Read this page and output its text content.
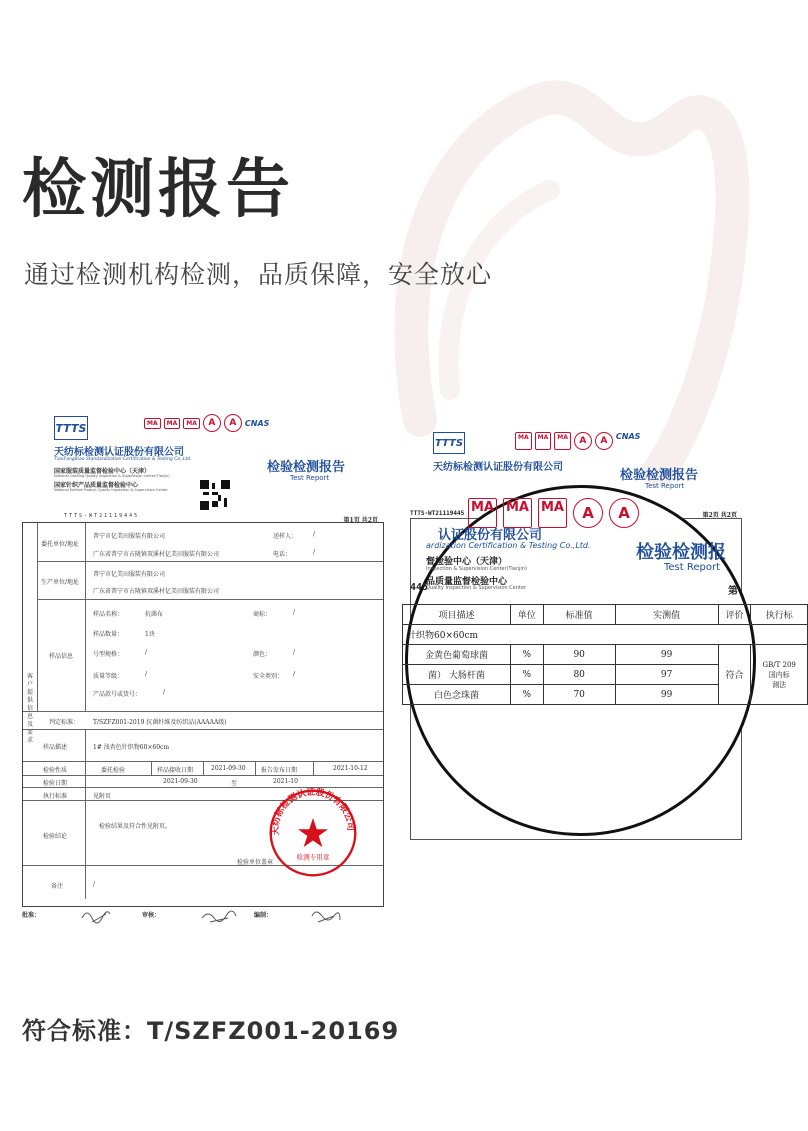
检测报告

通过检测机构检测，品质保障，安全放心

TTTS
天纺标检测认证股份有限公司
TianFangBiao Standardization Certification & Testing Co.,Ltd.
国家服装质量监督检验中心（天津）
National Clothing Quality Inspection & Supervision Center(Tianjin)
国家针织产品质量监督检验中心
National Knitted Product Quality Inspection & Supervision Center
MA	MA	MA	A	A	CNAS
检验检测报告
Test Report
TTTS-WT21119445
第1页 共2页
客户提供信息及要求
委托单位/地址
普宁市亿美田服装有限公司	送样人：	/
广东省普宁市占陇镇双溪村亿美田服装有限公司	电话：	/
生产单位/地址
普宁市亿美田服装有限公司
广东省普宁市占陇镇双溪村亿美田服装有限公司
样品信息
样品名称：	抗菌布	商标：	/
样品数量：	1块
号型规格：	/	颜色：	/
质量等级：	/	安全类别： /
产品款号或货号：	/
判定标准： T/SZFZ001-2019 抗菌纤维及纺织品(AAAAA级)
样品描述	1# 浅杏色针织物60×60cm
检验性质	委托检验	样品接收日期	2021-09-30	报告发布日期	2021-10-12
检验日期	2021-09-30	至	2021-10
执行标准	见附页
检验结论
检验结果及符合性见附页。
检验单位盖章
备注	/
批准：	审核：	编制：
天纺标检测认证股份有限公司
检测专用章
TTTS
天纺标检测认证股份有限公司
MA	MA	MA	A	A	CNAS
检验检测报告
Test Report
TTTS-WT21119445	第2页 共2页
MA MA MA	A	A
认证股份有限公司
ardization Certification & Testing Co.,Ltd.
督检验中心（天津）
Inspection & Supervision Center(Tianjin)
品质量监督检验中心
Quality Inspection & Supervision Center
检验检测报
Test Report
445	第
项目描述	单位	标准值	实测值	评价	执行标
针织物60×60cm					
金黄色葡萄球菌	%	90	99	符合	GB/T 209
国内标
測法

菌） 大肠杆菌	%	80	97		
白色念珠菌	%	70	99		

符合标准：T/SZFZ001-20169
